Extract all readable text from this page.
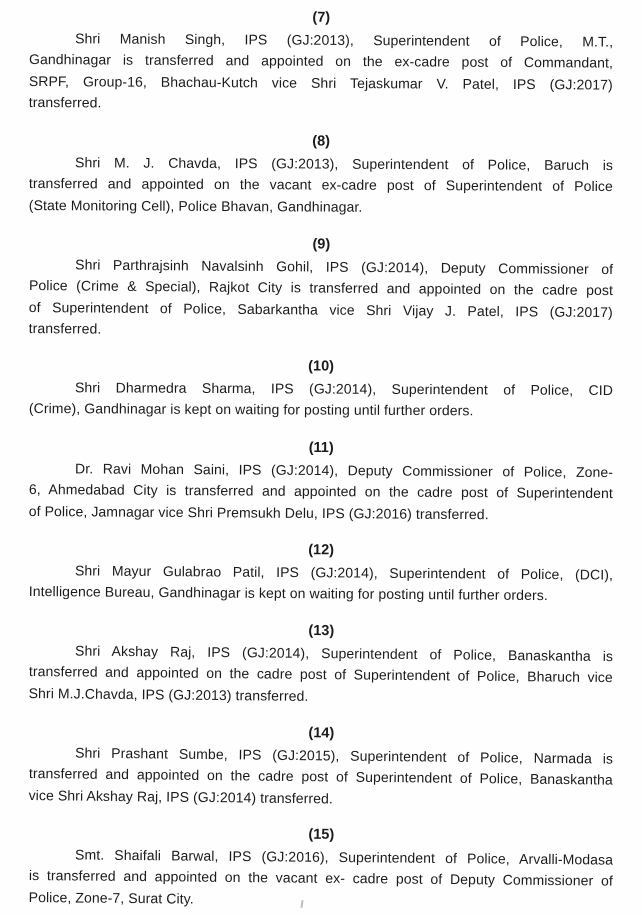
(7)
Shri Manish Singh, IPS (GJ:2013), Superintendent of Police, M.T.,
Gandhinagar is transferred and appointed on the ex-cadre post of Commandant,
SRPF, Group-16, Bhachau-Kutch vice Shri Tejaskumar V. Patel, IPS (GJ:2017)
transferred.
(8)
Shri M. J. Chavda, IPS (GJ:2013), Superintendent of Police, Baruch is
transferred and appointed on the vacant ex-cadre post of Superintendent of Police
(State Monitoring Cell), Police Bhavan, Gandhinagar.
(9)
Shri Parthrajsinh Navalsinh Gohil, IPS (GJ:2014), Deputy Commissioner of
Police (Crime & Special), Rajkot City is transferred and appointed on the cadre post
of Superintendent of Police, Sabarkantha vice Shri Vijay J. Patel, IPS (GJ:2017)
transferred.
(10)
Shri Dharmedra Sharma, IPS (GJ:2014), Superintendent of Police, CID
(Crime), Gandhinagar is kept on waiting for posting until further orders.
(11)
Dr. Ravi Mohan Saini, IPS (GJ:2014), Deputy Commissioner of Police, Zone-
6, Ahmedabad City is transferred and appointed on the cadre post of Superintendent
of Police, Jamnagar vice Shri Premsukh Delu, IPS (GJ:2016) transferred.
(12)
Shri Mayur Gulabrao Patil, IPS (GJ:2014), Superintendent of Police, (DCI),
Intelligence Bureau, Gandhinagar is kept on waiting for posting until further orders.
(13)
Shri Akshay Raj, IPS (GJ:2014), Superintendent of Police, Banaskantha is
transferred and appointed on the cadre post of Superintendent of Police, Bharuch vice
Shri M.J.Chavda, IPS (GJ:2013) transferred.
(14)
Shri Prashant Sumbe, IPS (GJ:2015), Superintendent of Police, Narmada is
transferred and appointed on the cadre post of Superintendent of Police, Banaskantha
vice Shri Akshay Raj, IPS (GJ:2014) transferred.
(15)
Smt. Shaifali Barwal, IPS (GJ:2016), Superintendent of Police, Arvalli-Modasa
is transferred and appointed on the vacant ex- cadre post of Deputy Commissioner of
Police, Zone-7, Surat City.
